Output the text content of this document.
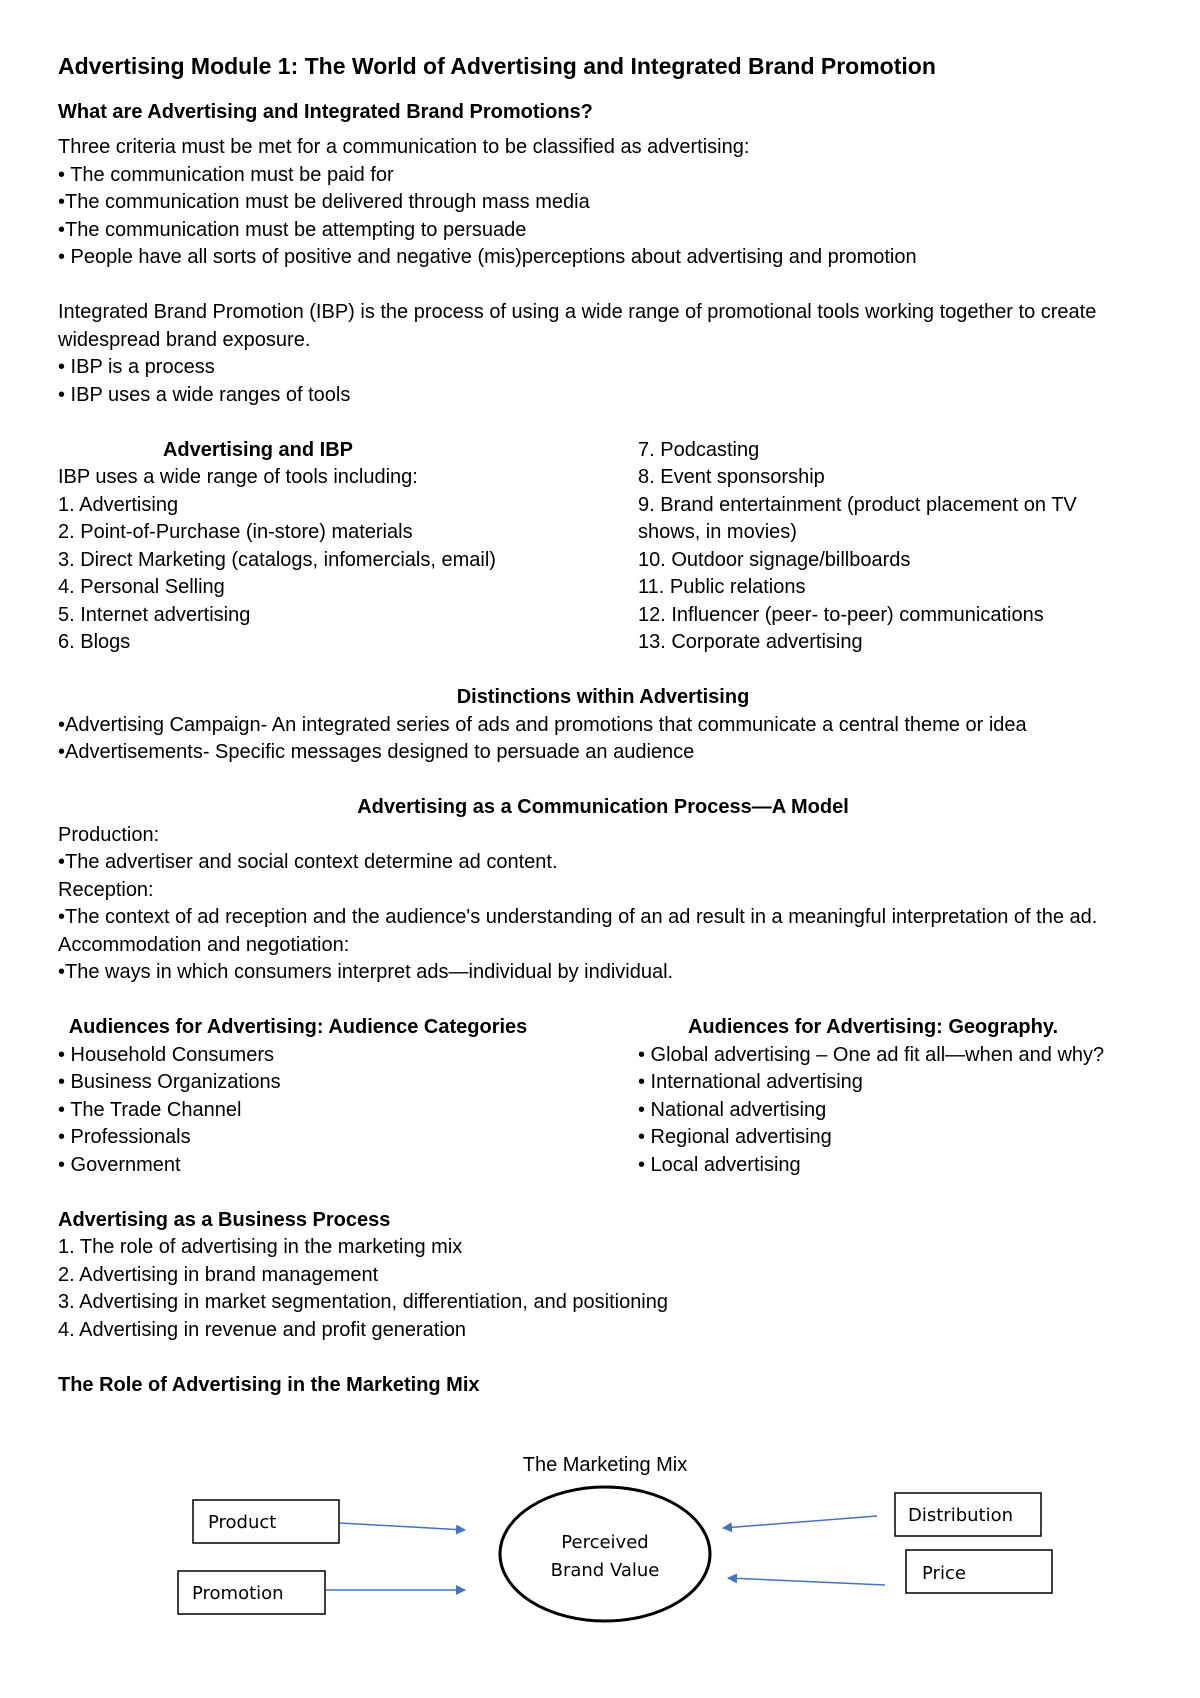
Advertising Module 1: The World of Advertising and Integrated Brand Promotion
What are Advertising and Integrated Brand Promotions?
Three criteria must be met for a communication to be classified as advertising:
• The communication must be paid for
•The communication must be delivered through mass media
•The communication must be attempting to persuade
• People have all sorts of positive and negative (mis)perceptions about advertising and promotion
Integrated Brand Promotion (IBP) is the process of using a wide range of promotional tools working together to create widespread brand exposure.
• IBP is a process
• IBP uses a wide ranges of tools
Advertising and IBP
IBP uses a wide range of tools including:
1. Advertising
2. Point-of-Purchase (in-store) materials
3. Direct Marketing (catalogs, infomercials, email)
4. Personal Selling
5. Internet advertising
6. Blogs
7. Podcasting
8. Event sponsorship
9. Brand entertainment (product placement on TV shows, in movies)
10. Outdoor signage/billboards
11. Public relations
12. Influencer (peer- to-peer) communications
13. Corporate advertising
Distinctions within Advertising
•Advertising Campaign- An integrated series of ads and promotions that communicate a central theme or idea
•Advertisements- Specific messages designed to persuade an audience
Advertising as a Communication Process—A Model
Production:
•The advertiser and social context determine ad content.
Reception:
•The context of ad reception and the audience's understanding of an ad result in a meaningful interpretation of the ad. Accommodation and negotiation:
•The ways in which consumers interpret ads—individual by individual.
Audiences for Advertising: Audience Categories
• Household Consumers
• Business Organizations
• The Trade Channel
• Professionals
• Government
Audiences for Advertising: Geography.
• Global advertising – One ad fit all—when and why?
• International advertising
• National advertising
• Regional advertising
• Local advertising
Advertising as a Business Process
1. The role of advertising in the marketing mix
2. Advertising in brand management
3. Advertising in market segmentation, differentiation, and positioning
4. Advertising in revenue and profit generation
The Role of Advertising in the Marketing Mix
The Marketing Mix
Perceived
Brand Value
Product
Promotion
Distribution
Price
